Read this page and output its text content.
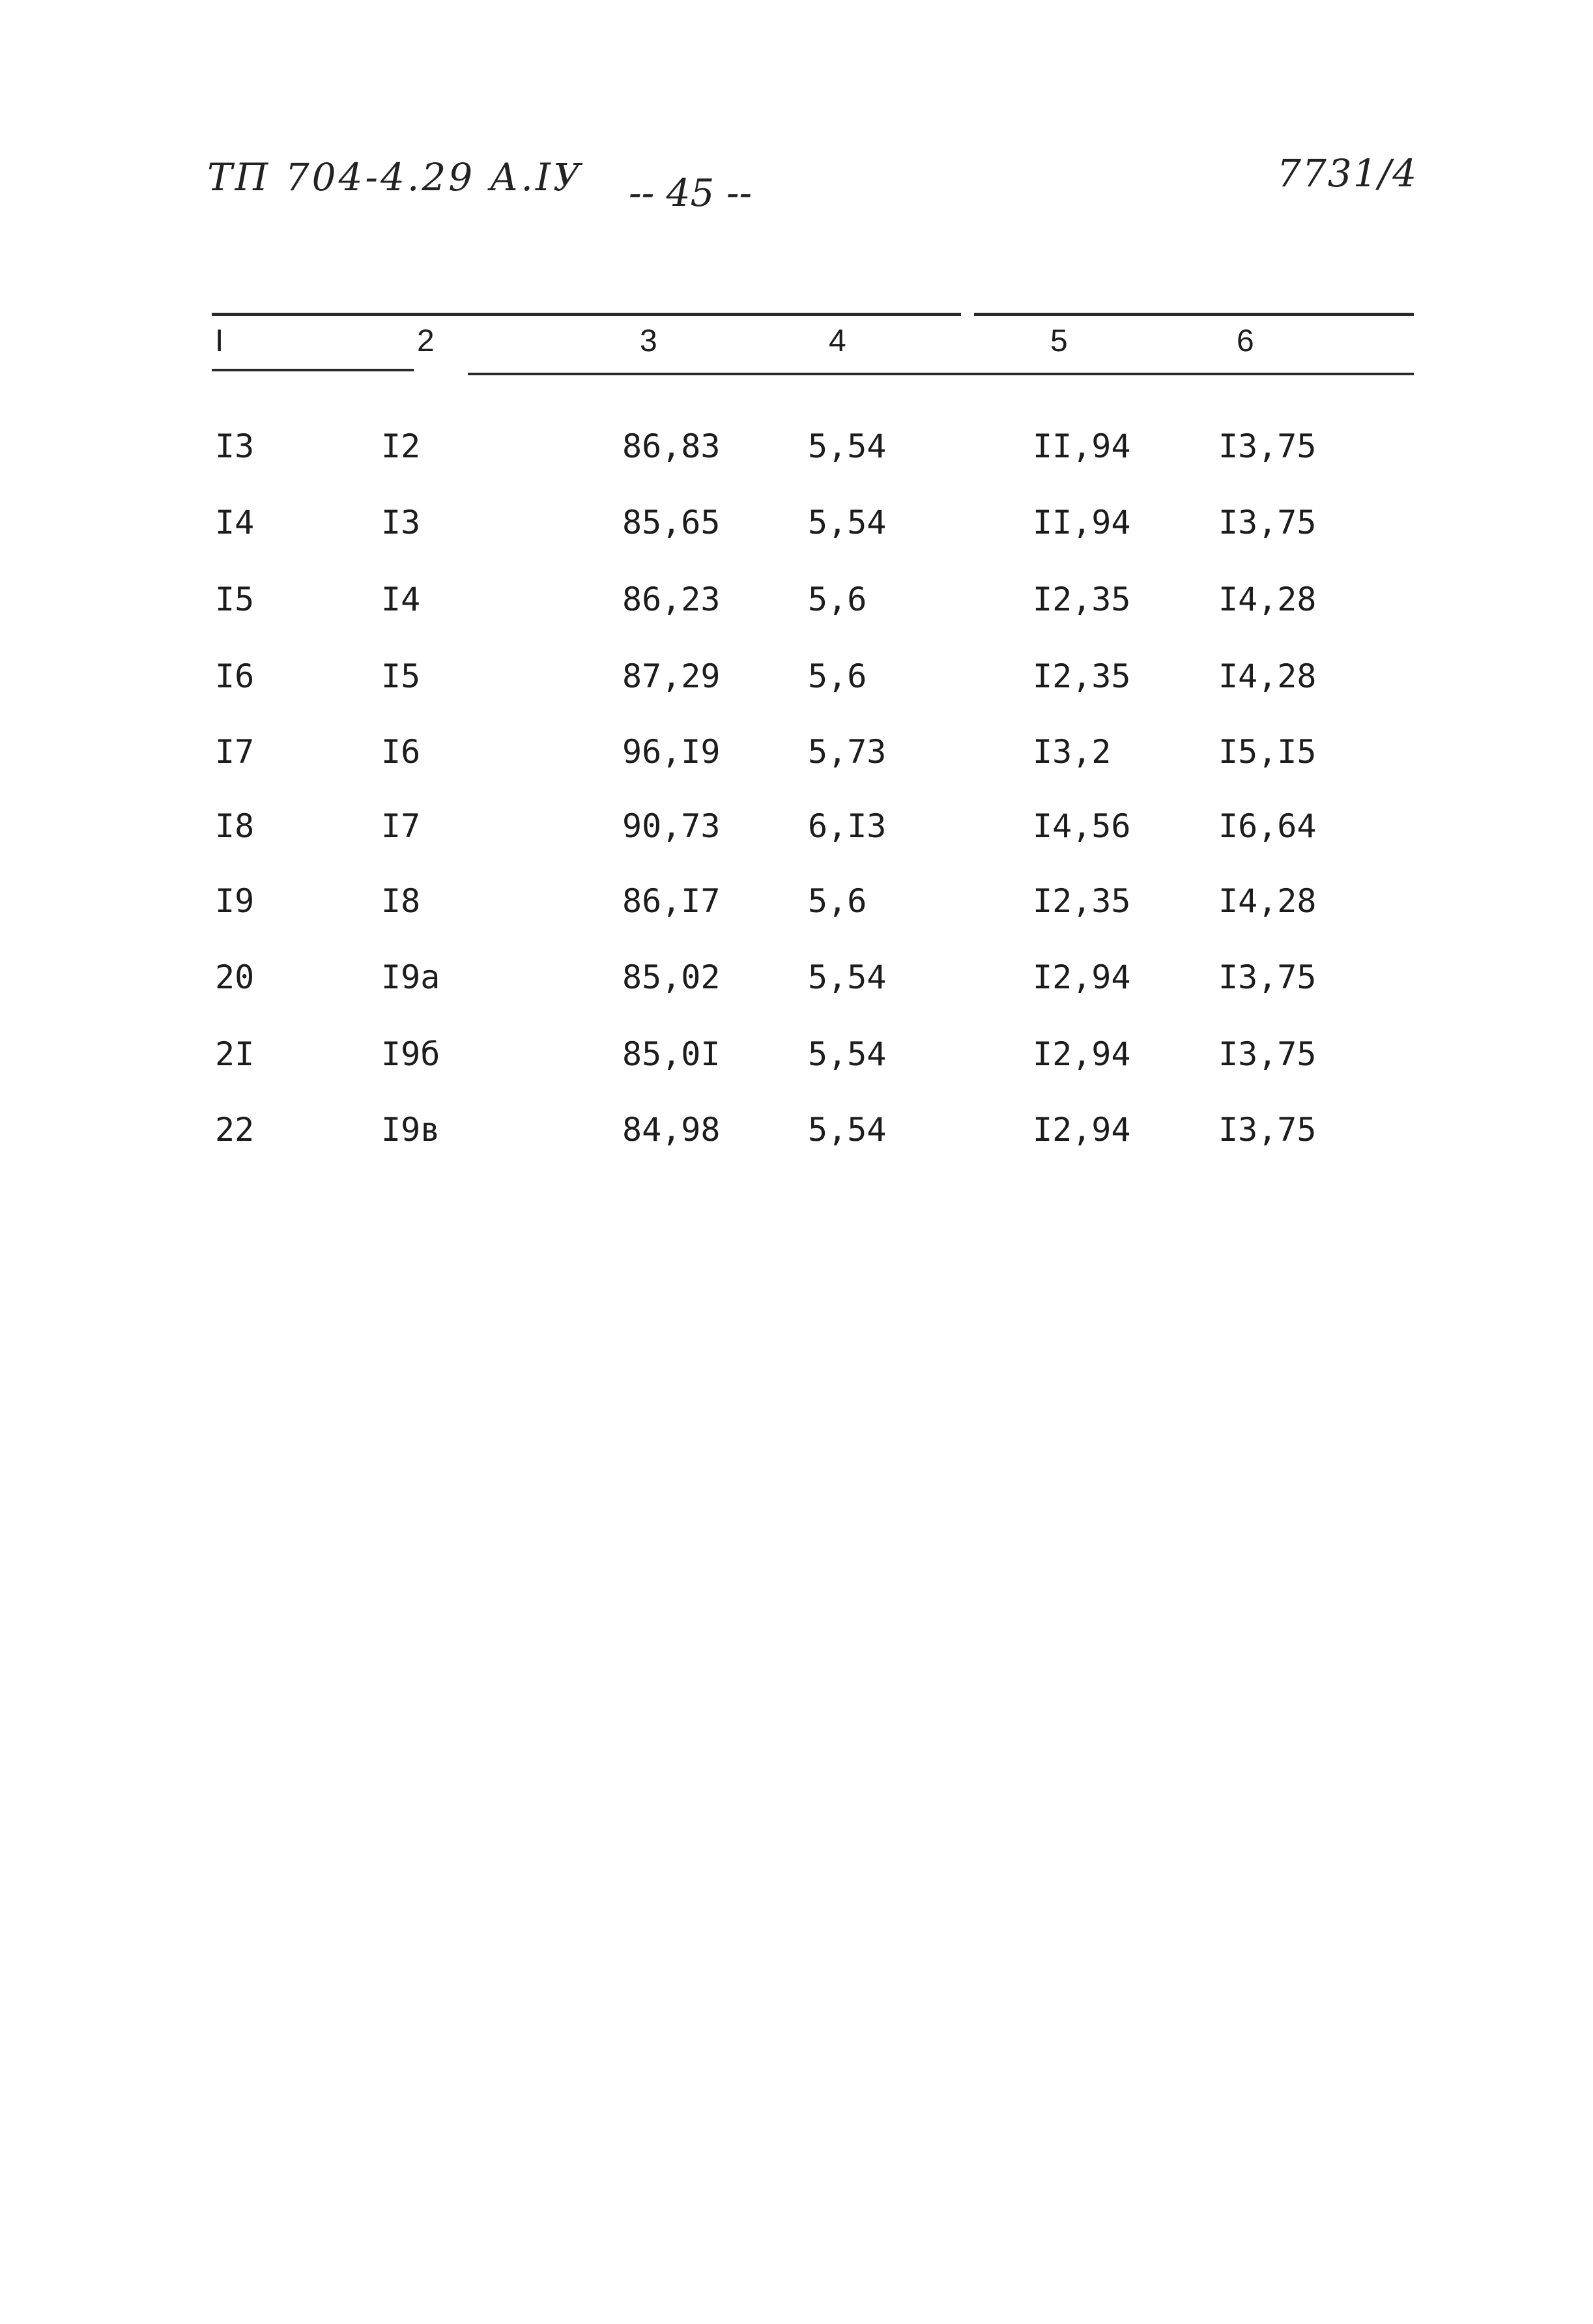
ТП 704-4.29 А.IУ -- 45 --	7731/4
I	2	3	4	5	6
I3	I2	86,83	5,54	II,94	I3,75
I4	I3	85,65	5,54	II,94	I3,75
I5	I4	86,23	5,6	I2,35	I4,28
I6	I5	87,29	5,6	I2,35	I4,28
I7	I6	96,I9	5,73	I3,2	I5,I5
I8	I7	90,73	6,I3	I4,56	I6,64
I9	I8	86,I7	5,6	I2,35	I4,28
20	I9а	85,02	5,54	I2,94	I3,75
2I	I9б	85,0I	5,54	I2,94	I3,75
22	I9в	84,98	5,54	I2,94	I3,75
